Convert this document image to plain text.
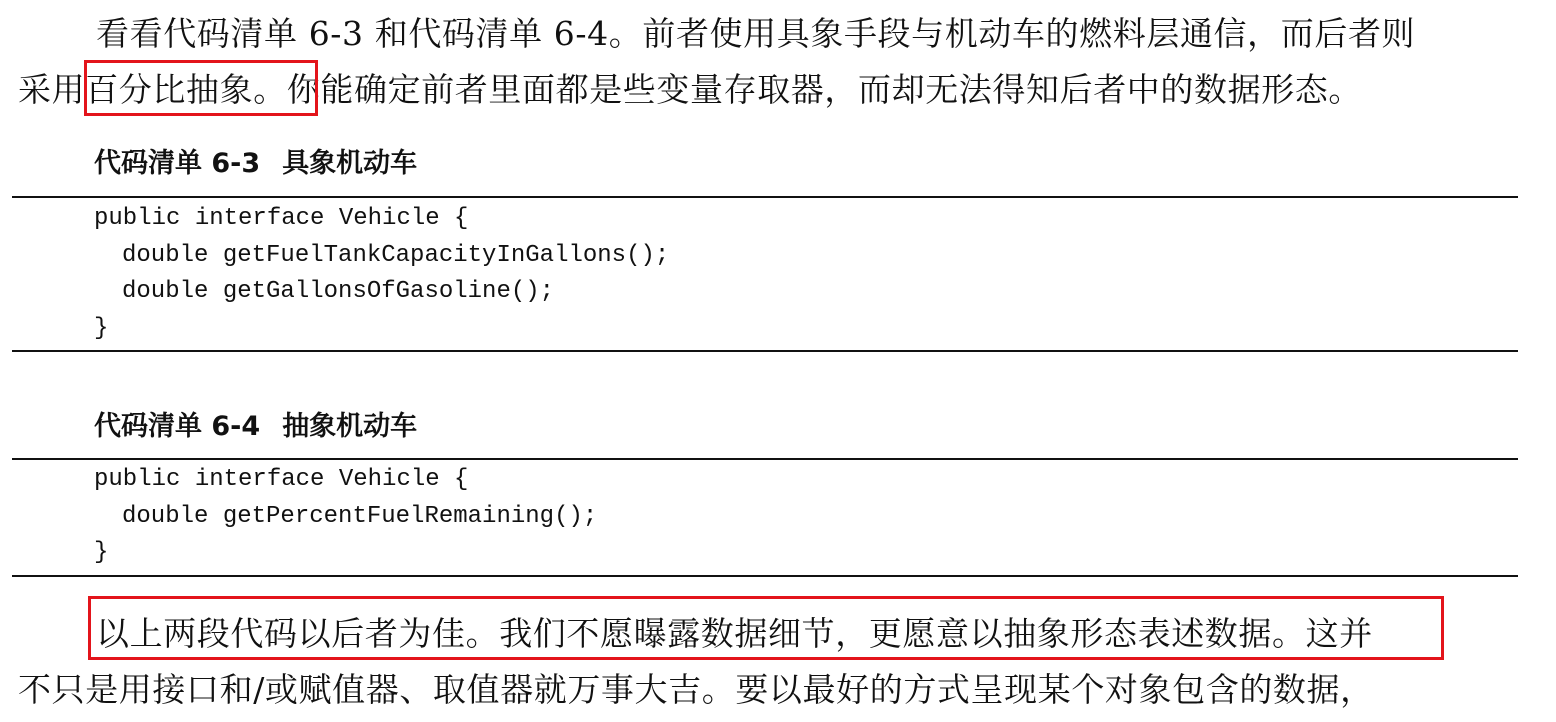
看看代码清单 6-3 和代码清单 6-4。前者使用具象手段与机动车的燃料层通信，而后者则
采用百分比抽象。你能确定前者里面都是些变量存取器，而却无法得知后者中的数据形态。
代码清单 6-3 具象机动车
public interface Vehicle {
double getFuelTankCapacityInGallons();
double getGallonsOfGasoline();
}
代码清单 6-4 抽象机动车
public interface Vehicle {
double getPercentFuelRemaining();
}
以上两段代码以后者为佳。我们不愿曝露数据细节，更愿意以抽象形态表述数据。这并
不只是用接口和/或赋值器、取值器就万事大吉。要以最好的方式呈现某个对象包含的数据，
